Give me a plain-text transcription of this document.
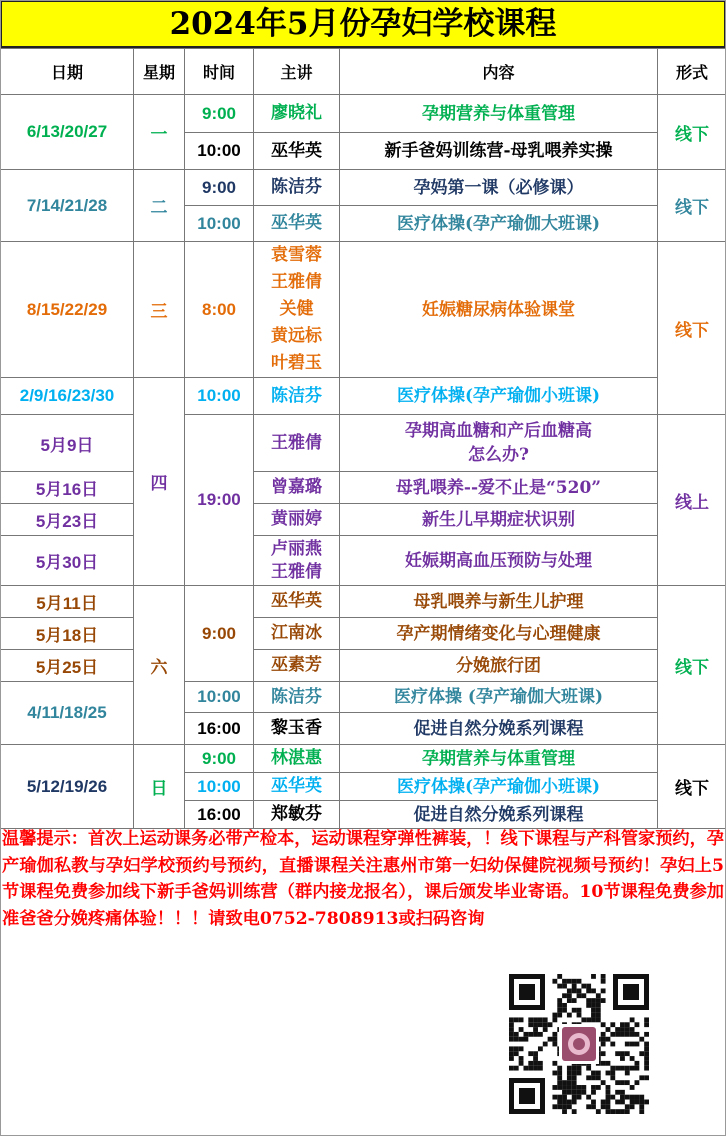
2024年5月份孕妇学校课程
日期	星期	时间	主讲	内容	形式
6/13/20/27	一	9:00	廖晓礼	孕期营养与体重管理	线下
		10:00	巫华英	新手爸妈训练营-母乳喂养实操	
7/14/21/28	二	9:00	陈洁芬	孕妈第一课（必修课）	线下
		10:00	巫华英	医疗体操(孕产瑜伽大班课)	
8/15/22/29	三	8:00	袁雪蓉
王雅倩
关健
黄远标
叶碧玉	妊娠糖尿病体验课堂	线下
2/9/16/23/30	四	10:00	陈洁芬	医疗体操(孕产瑜伽小班课)	
5月9日		19:00	王雅倩	孕期高血糖和产后血糖高
怎么办?	线上
5月16日			曾嘉璐	母乳喂养--爱不止是“520”	
5月23日			黄丽婷	新生儿早期症状识别	
5月30日			卢丽燕
王雅倩	妊娠期高血压预防与处理	
5月11日	六	9:00	巫华英	母乳喂养与新生儿护理	线下
5月18日			江南冰	孕产期情绪变化与心理健康	
5月25日			巫素芳	分娩旅行团	
4/11/18/25		10:00	陈洁芬	医疗体操 (孕产瑜伽大班课)	
		16:00	黎玉香	促进自然分娩系列课程	
5/12/19/26	日	9:00	林湛惠	孕期营养与体重管理	线下
		10:00	巫华英	医疗体操(孕产瑜伽小班课)	
		16:00	郑敏芬	促进自然分娩系列课程	

温馨提示：首次上运动课务必带产检本，运动课程穿弹性裤装，！线下课程与产科管家预约，孕产瑜伽私教与孕妇学校预约号预约，直播课程关注惠州市第一妇幼保健院视频号预约！孕妇上5节课程免费参加线下新手爸妈训练营（群内接龙报名），课后颁发毕业寄语。10节课程免费参加准爸爸分娩疼痛体验！！！请致电0752-7808913或扫码咨询
